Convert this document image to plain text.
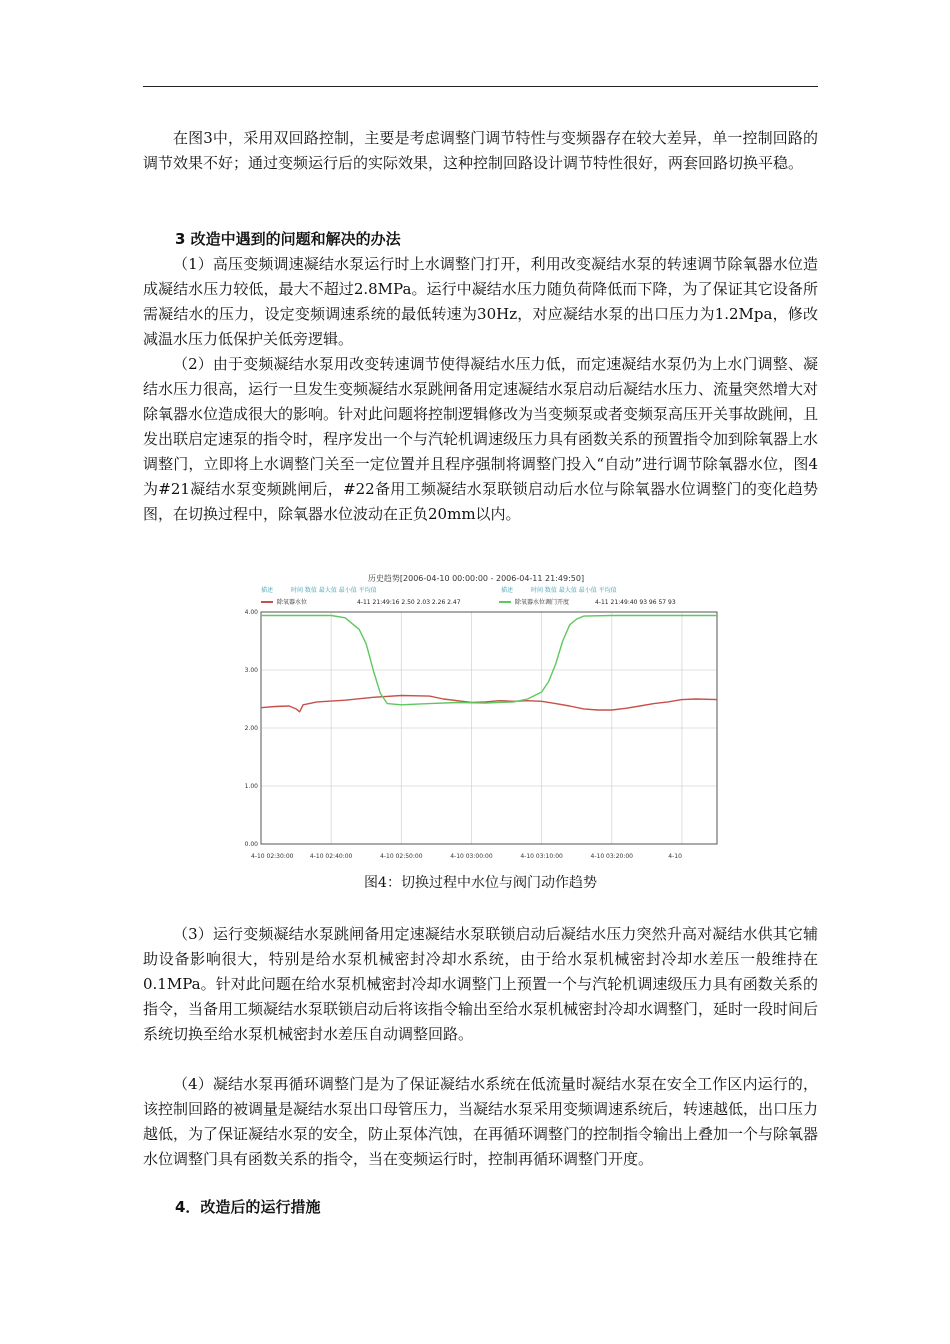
在图3中，采用双回路控制，主要是考虑调整门调节特性与变频器存在较大差异，单一控制回路的调节效果不好；通过变频运行后的实际效果，这种控制回路设计调节特性很好，两套回路切换平稳。

3 改造中遇到的问题和解决的办法

（1）高压变频调速凝结水泵运行时上水调整门打开，利用改变凝结水泵的转速调节除氧器水位造成凝结水压力较低，最大不超过2.8MPa。运行中凝结水压力随负荷降低而下降，为了保证其它设备所需凝结水的压力，设定变频调速系统的最低转速为30Hz，对应凝结水泵的出口压力为1.2Mpa，修改减温水压力低保护关低旁逻辑。

（2）由于变频凝结水泵用改变转速调节使得凝结水压力低，而定速凝结水泵仍为上水门调整、凝结水压力很高，运行一旦发生变频凝结水泵跳闸备用定速凝结水泵启动后凝结水压力、流量突然增大对除氧器水位造成很大的影响。针对此问题将控制逻辑修改为当变频泵或者变频泵高压开关事故跳闸，且发出联启定速泵的指令时，程序发出一个与汽轮机调速级压力具有函数关系的预置指令加到除氧器上水调整门，立即将上水调整门关至一定位置并且程序强制将调整门投入“自动”进行调节除氧器水位，图4为#21凝结水泵变频跳闸后，#22备用工频凝结水泵联锁启动后水位与除氧器水位调整门的变化趋势图，在切换过程中，除氧器水位波动在正负20mm以内。

历史趋势[2006-04-10 00:00:00 - 2006-04-11 21:49:50]
描述	时间 数值 最大值 最小值 平均值	描述	时间 数值 最大值 最小值 平均值
除氧器水位	4-11 21:49:16 2.50 2.03 2.26 2.47	除氧器水位调门开度	4-11 21:49:40 93 96 57 93
4.00
3.00
2.00
1.00
0.00
4-10 02:30:00	4-10 02:40:00	4-10 02:50:00	4-10 03:00:00	4-10 03:10:00	4-10 03:20:00	4-10
图4：切换过程中水位与阀门动作趋势

（3）运行变频凝结水泵跳闸备用定速凝结水泵联锁启动后凝结水压力突然升高对凝结水供其它辅助设备影响很大，特别是给水泵机械密封冷却水系统，由于给水泵机械密封冷却水差压一般维持在0.1MPa。针对此问题在给水泵机械密封冷却水调整门上预置一个与汽轮机调速级压力具有函数关系的指令，当备用工频凝结水泵联锁启动后将该指令输出至给水泵机械密封冷却水调整门，延时一段时间后系统切换至给水泵机械密封水差压自动调整回路。

（4）凝结水泵再循环调整门是为了保证凝结水系统在低流量时凝结水泵在安全工作区内运行的，该控制回路的被调量是凝结水泵出口母管压力，当凝结水泵采用变频调速系统后，转速越低，出口压力越低，为了保证凝结水泵的安全，防止泵体汽蚀，在再循环调整门的控制指令输出上叠加一个与除氧器水位调整门具有函数关系的指令，当在变频运行时，控制再循环调整门开度。

4．改造后的运行措施
